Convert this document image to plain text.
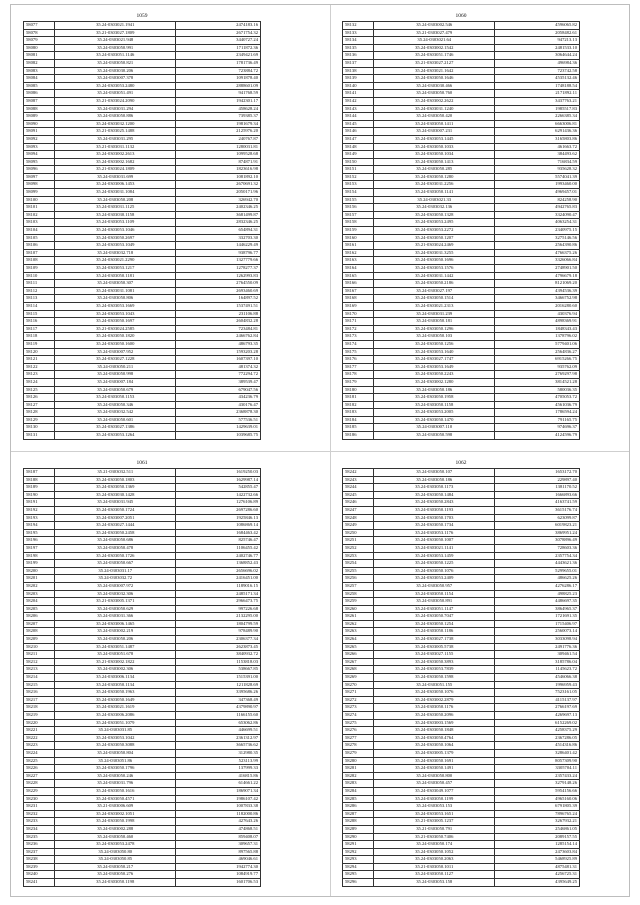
1059
58077	35.24-0303021.1941	2474183.16
58078	35.21-0303027.1809	2671754.32
58079	35.24-0303021.948	3440727.24
58080	35.24-0303050.991	1711872.36
58081	35.24-0303051.1146	2349421.69
58082	35.24-0303050.821	1781736.49
58083	35.24-0303030.206	723884.72
58084	35.24-0303007.378	1091878.40
58085	35.24-0303053.2480	2888601.09
58086	35.24-0303051.491	941768.59
58087	35.21-0303024.2090	1942301.17
58088	35.24-0303031.294	458628.24
58089	35.24-0303050.886	739385.37
58090	35.24-0303032.1200	1981679.34
58091	35.21-0303025.1488	2125976.20
58092	35.24-0303031.295	240767.87
58093	35.21-0303031.1132	1280031.81
58094	35.24-0303002.2613	1099528.68
58095	35.24-0303002.1682	874871.91
58096	35.21-0303024.1809	1823616.98
58097	35.24-0303031.699	1081892.10
58098	35.24-0303006.1453	2670691.32
58099	35.24-0303031.1084	2050171.96
58100	35.24-0303050.208	326942.70
58101	35.24-0303031.1125	2402346.25
58102	35.24-0303030.1158	3681499.87
58103	35.24-0303053.1109	2832346.25
58104	35.24-0303053.1046	654894.31
58105	35.24-0303050.2697	332703.30
58106	35.24-0303053.1049	1446229.49
58107	35.24-0303032.718	938796.77
58108	35.24-0303021.2290	1327779.66
58109	35.24-0303053.1217	1278277.37
58110	35.24-0303050.1181	1262993.83
58111	35.24-0303050.307	2764550.09
58112	35.24-0303031.1081	2693460.69
58113	35.24-0303050.806	164897.52
58114	35.24-0303053.1669	1537491.51
58115	35.24-0303053.1043	231106.88
58116	35.24-0303050.1697	2604832.28
58117	35.21-0303024.2585	723484.81
58118	35.24-0303050.1820	2466762.84
58119	35.24-0303050.1600	486793.35
58120	35.24-0303007.952	1593203.28
58121	35.24-0303027.1228	1607397.10
58122	35.24-0303050.211	481374.32
58123	35.24-0303050.998	772294.72
58124	35.24-0303007.184	389539.47
58125	35.24-0303050.679	679047.56
58126	35.24-0303050.1153	434236.79
58127	35.24-0303050.346	430176.47
58128	35.24-0303032.542	2368878.30
58129	35.24-0303050.601	577536.51
58130	35.24-0303027.1386	1429639.01
58131	35.24-0303053.1264	1039685.75
1060
58132	35.24-0303002.546	4596065.82
58133	35.21-0303027.479	2058482.61
58134	35.24-0303021.64	947213.13
58135	35.24-0303002.1542	2481533.10
58136	35.24-0303051.1746	3064644.24
58137	35.21-0303027.2127	496984.36
58138	35.24-0303021.1642	723742.58
58139	35.24-0303050.1646	4535132.46
58140	35.24-0303030.466	1748188.54
58141	35.24-0303050.760	2171892.11
58142	35.24-0303002.2622	3437763.21
58143	35.24-0303031.1240	1985517.83
58144	35.24-0303050.420	2266385.34
58145	35.24-0303050.1411	6663006.81
58146	35.24-0303007.231	6291436.36
58147	35.24-0303053.1445	3165803.86
58148	35.24-0303050.1033	461663.72
58149	35.24-0303050.1034	384493.62
58150	35.24-0303050.1413	716834.59
58151	35.24-0303050.285	935628.32
58152	35.24-0303050.1280	5574041.39
58153	35.24-0303031.2256	1993460.00
58154	35.24-0303050.1141	4969457.01
58155	35.24-0303021.33	824258.90
58156	35.24-0303032.136	4942765.83
58157	35.24-0303050.1328	3324090.47
58158	35.24-0303053.2495	4063254.31
58159	35.24-0303053.2272	2340975.15
58160	35.24-0303050.1207	3275146.56
58161	35.21-0303024.2469	2564390.86
58162	35.24-0303031.3255	4766375.26
58163	35.24-0303050.1696	3326066.84
58164	35.24-0303053.1576	2748901.50
58165	35.24-0303031.1442	4796679.18
58166	35.24-0303050.2186	8121069.20
58167	35.24-0303027.197	4394536.39
58168	35.24-0303050.1514	3466752.98
58169	35.24-0303021.2313	2016280.60
58170	35.24-0303031.239	430376.94
58171	35.24-0303050.181	4898369.91
58172	35.24-0303050.1296	1848343.43
58173	35.24-0303050.103	1378796.02
58174	35.24-0303050.1256	5779401.06
58175	35.24-0303053.1640	2564836.27
58176	35.24-0303027.1747	6915266.75
58177	35.24-0303053.1649	935762.09
58178	35.24-0303050.2243	2769297.98
58179	35.24-0303002.1280	3814521.28
58180	35.24-0303050.186	580036.35
58181	35.24-0303050.1958	4705053.72
58182	35.24-0303050.1158	4561036.79
58183	35.24-0303053.2005	1786594.24
58184	35.24-0303050.1470	791165.75
58185	35.24-0303007.110	974696.37
58186	35.24-0303050.598	4124596.79
1061
58187	35.21-0303032.511	1619250.03
58188	35.24-0303050.1803	1629987.14
58189	35.24-0303050.1369	542855.47
58190	35.24-0303030.1428	1422732.66
58191	35.24-0303031.945	1276106.89
58192	35.24-0303050.1724	2697286.60
58193	35.24-0303007.2051	1925846.13
58194	35.24-0303027.1444	1086869.14
58195	35.24-0303050.2458	1684463.42
58196	35.24-0303050.686	825746.47
58197	35.24-0303050.478	1106455.42
58198	35.24-0303050.1726	2402746.77
58199	35.24-0303050.667	1368852.43
58200	35.24-0303031.17	2656696.02
58201	35.24-0303032.72	2416451.00
58202	35.24-0303007.972	1189016.15
58203	35.24-0303032.306	2485171.34
58204	35.21-0303005.1371	2966473.75
58205	35.24-0303050.629	997226.68
58206	35.24-0303031.366	2132295.00
58207	35.24-0303006.1465	1804799.59
58208	35.24-0303002.219	978489.90
58209	35.24-0303050.206	2306377.34
58210	35.24-0303051.1487	2623873.45
58211	35.24-0303051.678	3840932.72
58212	35.21-0303002.1822	1153818.03
58213	35.24-0303002.306	538667.85
58214	35.24-0303006.1134	1515391.00
58215	35.24-0303050.1134	1211828.69
58216	35.24-0303050.1963	3395686.26
58217	35.24-0303050.1649	347368.49
58218	35.24-0303021.1619	4379890.97
58219	35.24-0303006.2086	1166155.60
58220	35.24-0303051.1079	653062.86
58221	35.24-0303031.85	446699.51
58222	35.24-0303053.1042	2361312.97
58223	35.24-0303050.3088	3665736.62
58224	35.24-0303050.804	312980.35
58225	35.24-0303051.86	523113.99
58226	35.24-0303050.1796	137999.33
58227	35.24-0303050.246	416815.86
58228	35.24-0303031.796	614661.22
58229	35.24-0303050.1616	1869071.34
58230	35.24-0303050.4571	1986107.42
58231	35.21-0303006.609	1007833.38
58232	35.24-0303002.1051	1182000.86
58233	35.24-0303050.1998	427643.26
58234	35.24-0303002.288	474868.51
58235	35.24-0303050.460	859408.07
58236	35.24-0303053.2478	309657.31
58237	35.24-0303050.80	897565.88
58238	35.24-0303050.85	469046.61
58239	35.24-0303050.217	1942774.30
58240	35.24-0303050.276	1084919.77
58241	35.24-0303050.1198	1601706.53
1062
58242	35.24-0303050.107	1653172.70
58243	35.24-0303050.186	229897.40
58244	35.24-0303050.1173	1381170.52
58245	35.24-0303050.1484	1666893.66
58246	35.24-0303050.2843	4163741.59
58247	35.24-0303050.1193	3615176.74
58248	35.24-0303050.1703	623099.87
58249	35.24-0303050.1734	6019823.21
58250	35.24-0303053.1176	3869951.24
58251	35.24-0303050.1007	3078896.49
58252	35.24-0303021.1141	728603.36
58253	35.24-0303053.1459	2357754.34
58254	35.24-0303050.1225	4443621.36
58255	35.24-0303050.1076	5299655.01
58256	35.24-0303053.2409	486625.26
58257	35.24-0303050.957	4276286.17
58258	35.24-0303050.1154	498825.23
58259	35.24-0303050.891	4486697.35
58260	35.24-0303051.1147	3864965.37
58261	35.24-0303050.7047	1721691.35
58262	35.24-0303050.1254	1715406.97
58263	35.24-0303050.1186	2560073.14
58264	35.24-0303027.1738	3033098.94
58265	35.24-0303005.5738	2491776.36
58266	35.24-0303027.1155	309461.54
58267	35.24-0303050.3893	3185786.04
58268	35.24-0303053.7839	1145623.72
58269	35.24-0303050.1598	4546066.38
58270	35.24-0303051.155	1996959.43
58271	35.24-0303050.1076	7523161.05
58272	35.24-0303002.2879	4115137.97
58273	35.24-0303050.1176	2766197.69
58274	35.24-0303050.2096	4269697.13
58275	35.24-0303003.1569	6152269.02
58276	35.24-0303050.1848	4258375.29
58277	35.24-0303050.4764	2367286.05
58278	35.24-0303050.1064	4514316.86
58279	35.24-0303005.1379	3286401.42
58280	35.24-0303050.1691	8057309.90
58281	35.24-0303050.1491	3305704.11
58282	35.24-0303050.800	2357433.24
58283	35.24-0303050.457	3279148.26
58284	35.24-0303049.1077	5954156.66
58285	35.24-0303050.1199	4965160.06
58286	35.24-0303053.153	6791805.39
58287	35.24-0303053.1651	7896765.24
58288	35.21-0303005.1237	3267932.21
58289	35.21-0303050.791	2546861.05
58290	35.21-0303050.7406	2089157.55
58291	35.24-0303050.174	1285154.14
58292	35.24-0303050.1052	2473603.84
58293	35.24-0303050.2063	5468925.89
58294	35.21-0303050.1011	4875481.31
58295	35.24-0303050.1127	4256725.31
58296	35.24-0303053.158	4395649.25
